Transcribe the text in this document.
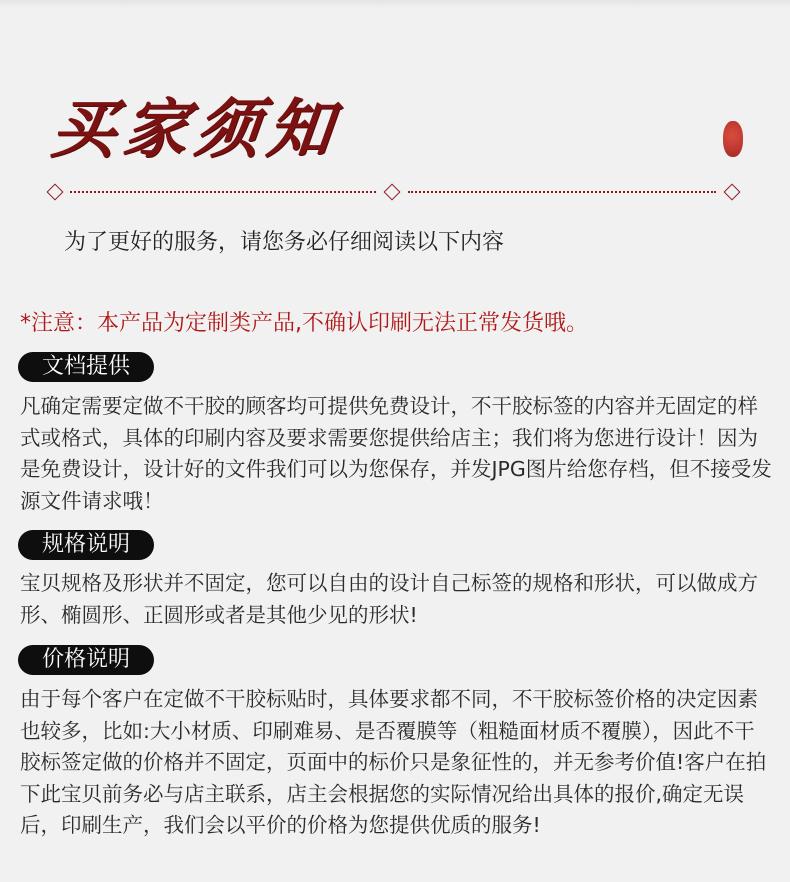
买家须知
为了更好的服务，请您务必仔细阅读以下内容
*注意：本产品为定制类产品,不确认印刷无法正常发货哦。
文档提供

凡确定需要定做不干胶的顾客均可提供免费设计，不干胶标签的内容并无固定的样式或格式，具体的印刷内容及要求需要您提供给店主；我们将为您进行设计！因为是免费设计，设计好的文件我们可以为您保存，并发JPG图片给您存档，但不接受发源文件请求哦！

规格说明

宝贝规格及形状并不固定，您可以自由的设计自己标签的规格和形状，可以做成方形、椭圆形、正圆形或者是其他少见的形状!

价格说明

由于每个客户在定做不干胶标贴时，具体要求都不同，不干胶标签价格的决定因素也较多，比如:大小材质、印刷难易、是否覆膜等（粗糙面材质不覆膜），因此不干胶标签定做的价格并不固定，页面中的标价只是象征性的，并无参考价值!客户在拍下此宝贝前务必与店主联系，店主会根据您的实际情况给出具体的报价,确定无误后，印刷生产，我们会以平价的价格为您提供优质的服务!
